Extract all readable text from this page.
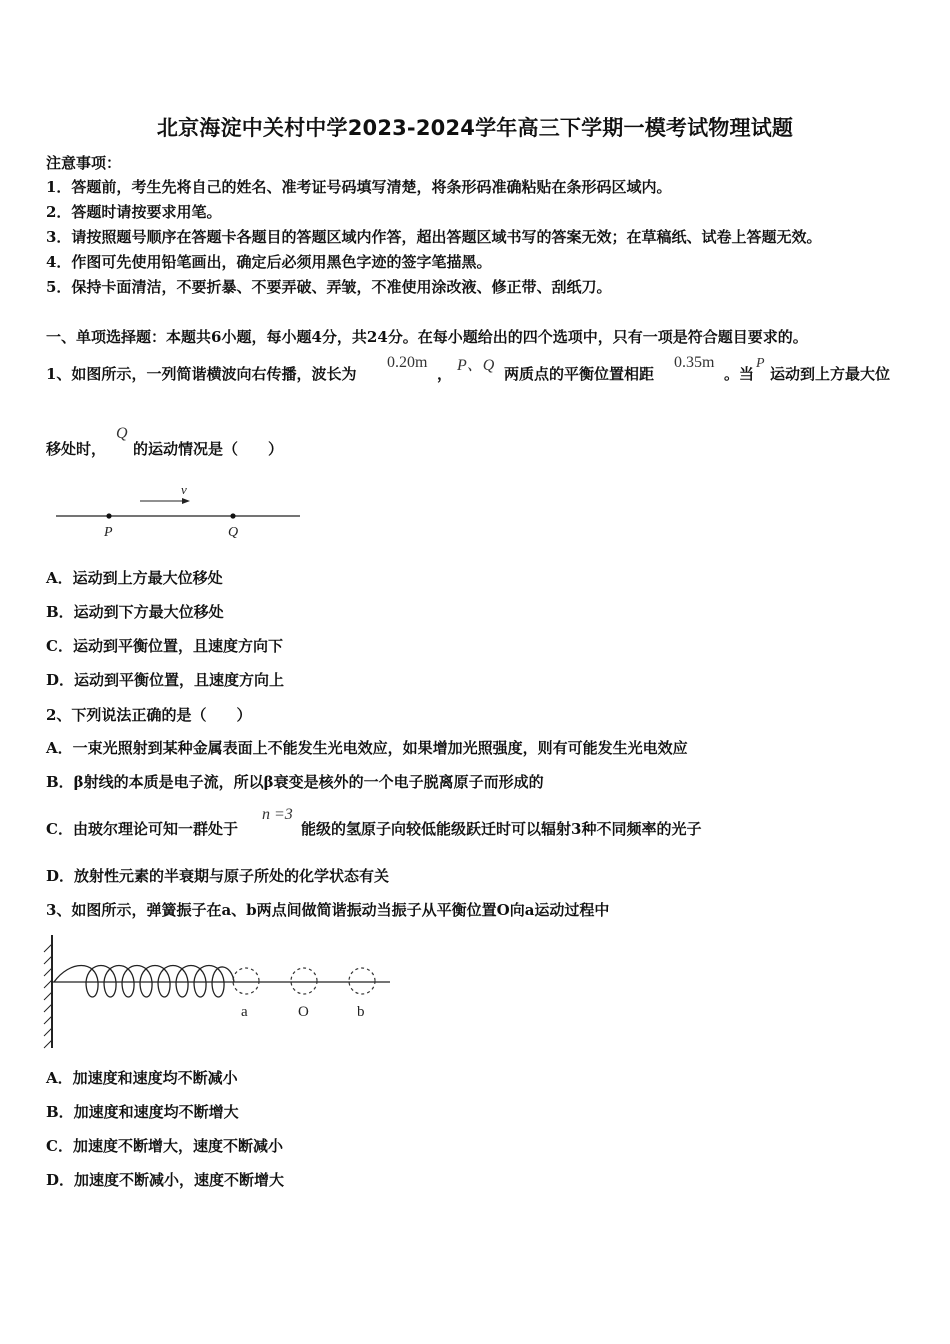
北京海淀中关村中学2023-2024学年高三下学期一模考试物理试题
注意事项：
1．答题前，考生先将自己的姓名、准考证号码填写清楚，将条形码准确粘贴在条形码区域内。
2．答题时请按要求用笔。
3．请按照题号顺序在答题卡各题目的答题区域内作答，超出答题区域书写的答案无效；在草稿纸、试卷上答题无效。
4．作图可先使用铅笔画出，确定后必须用黑色字迹的签字笔描黑。
5．保持卡面清洁，不要折暴、不要弄破、弄皱，不准使用涂改液、修正带、刮纸刀。
一、单项选择题：本题共6小题，每小题4分，共24分。在每小题给出的四个选项中，只有一项是符合题目要求的。
1、如图所示，一列简谐横波向右传播，波长为
0.20m
， P、Q 两质点的平衡位置相距
0.35m
。当
P
运动到上方最大位
移处时，
Q
的运动情况是（　　）
v
P	Q
A．运动到上方最大位移处
B．运动到下方最大位移处
C．运动到平衡位置，且速度方向下
D．运动到平衡位置，且速度方向上
2、下列说法正确的是（　　）
A．一束光照射到某种金属表面上不能发生光电效应，如果增加光照强度，则有可能发生光电效应
B．β射线的本质是电子流，所以β衰变是核外的一个电子脱离原子而形成的
C．由玻尔理论可知一群处于
n =3
能级的氢原子向较低能级跃迁时可以辐射3种不同频率的光子
D．放射性元素的半衰期与原子所处的化学状态有关
3、如图所示，弹簧振子在a、b两点间做简谐振动当振子从平衡位置O向a运动过程中
a	O	b
A．加速度和速度均不断减小
B．加速度和速度均不断增大
C．加速度不断增大，速度不断减小
D．加速度不断减小，速度不断增大
